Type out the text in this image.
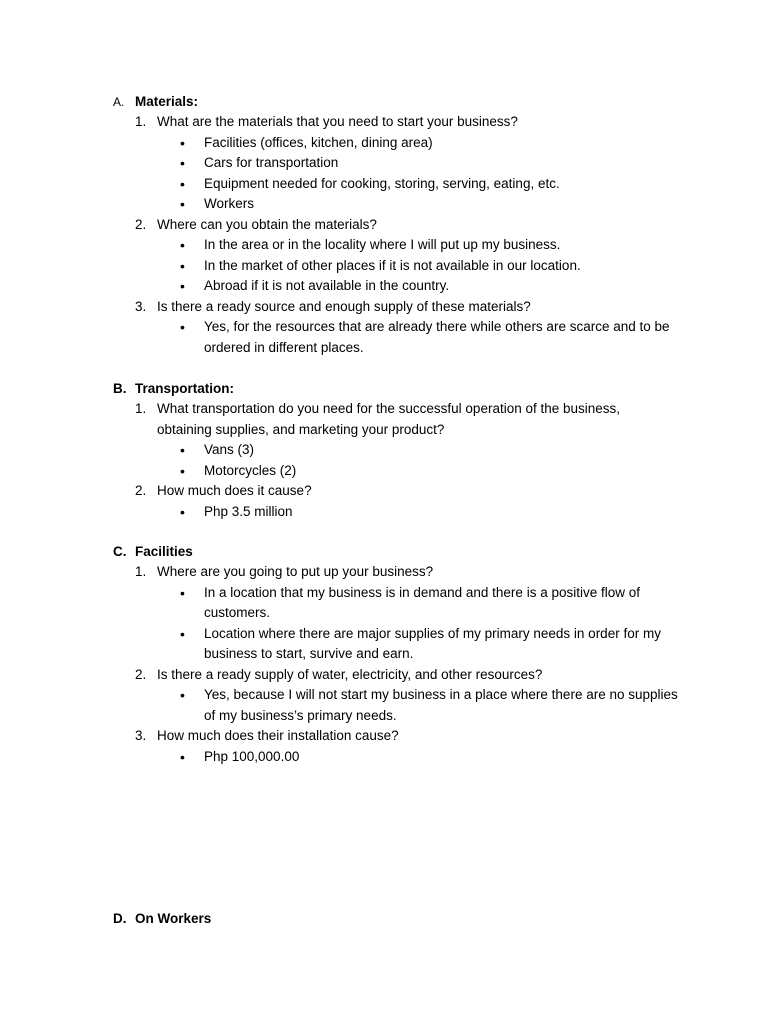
A. Materials:
1. What are the materials that you need to start your business?
•	Facilities (offices, kitchen, dining area)
•	Cars for transportation
•	Equipment needed for cooking, storing, serving, eating, etc.
•	Workers
2. Where can you obtain the materials?
•	In the area or in the locality where I will put up my business.
•	In the market of other places if it is not available in our location.
•	Abroad if it is not available in the country.
3. Is there a ready source and enough supply of these materials?
•	Yes, for the resources that are already there while others are scarce and to be ordered in different places.
B. Transportation:
1. What transportation do you need for the successful operation of the business, obtaining supplies, and marketing your product?
•	Vans (3)
•	Motorcycles (2)
2. How much does it cause?
•	Php 3.5 million
C. Facilities
1. Where are you going to put up your business?
•	In a location that my business is in demand and there is a positive flow of customers.
•	Location where there are major supplies of my primary needs in order for my business to start, survive and earn.
2. Is there a ready supply of water, electricity, and other resources?
•	Yes, because I will not start my business in a place where there are no supplies of my business’s primary needs.
3. How much does their installation cause?
•	Php 100,000.00
D. On Workers
